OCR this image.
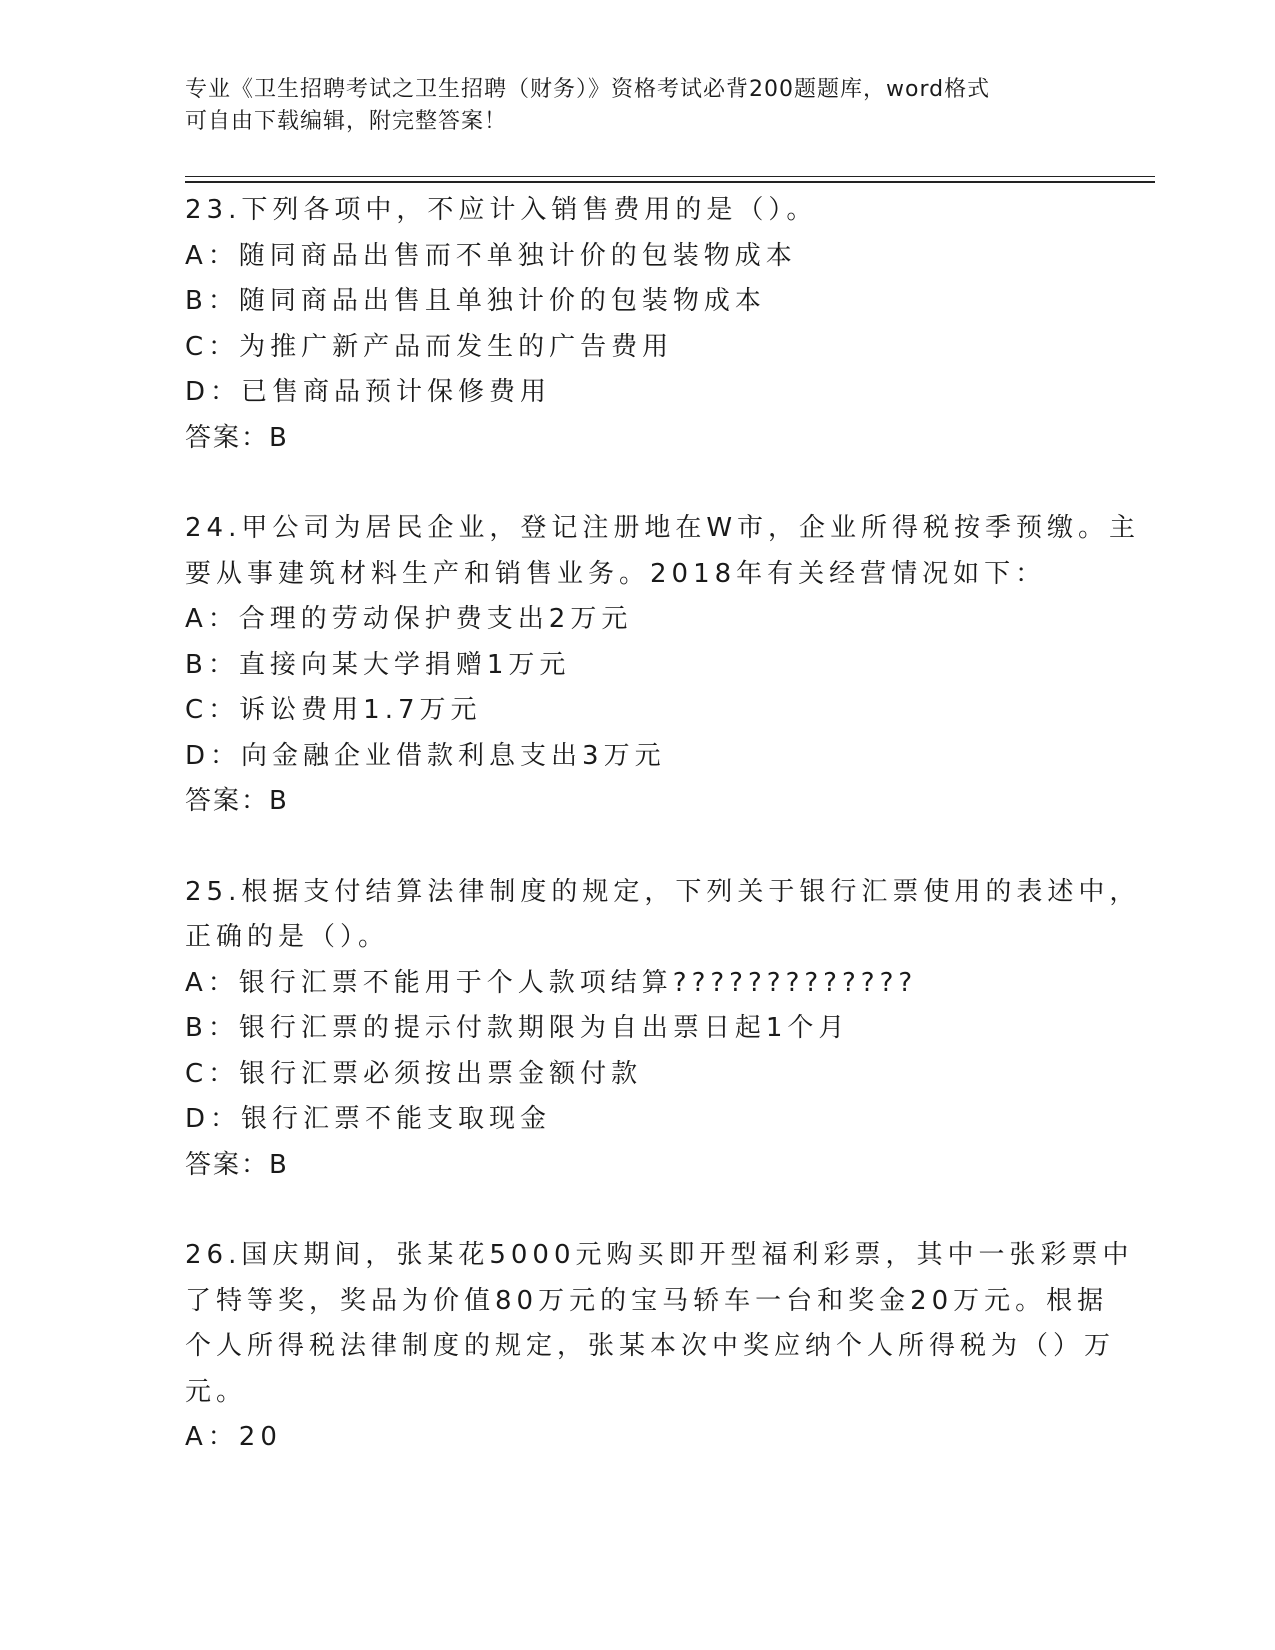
专业《卫生招聘考试之卫生招聘（财务）》资格考试必背200题题库，word格式
可自由下载编辑，附完整答案！
23.下列各项中，不应计入销售费用的是（）。
A：随同商品出售而不单独计价的包装物成本
B：随同商品出售且单独计价的包装物成本
C：为推广新产品而发生的广告费用
D：已售商品预计保修费用
答案：B
24.甲公司为居民企业，登记注册地在W市，企业所得税按季预缴。主
要从事建筑材料生产和销售业务。2018年有关经营情况如下：
A：合理的劳动保护费支出2万元
B：直接向某大学捐赠1万元
C：诉讼费用1.7万元
D：向金融企业借款利息支出3万元
答案：B
25.根据支付结算法律制度的规定，下列关于银行汇票使用的表述中，
正确的是（）。
A：银行汇票不能用于个人款项结算?????????????
B：银行汇票的提示付款期限为自出票日起1个月
C：银行汇票必须按出票金额付款
D：银行汇票不能支取现金
答案：B
26.国庆期间，张某花5000元购买即开型福利彩票，其中一张彩票中
了特等奖，奖品为价值80万元的宝马轿车一台和奖金20万元。根据
个人所得税法律制度的规定，张某本次中奖应纳个人所得税为（）万
元。
A：20
